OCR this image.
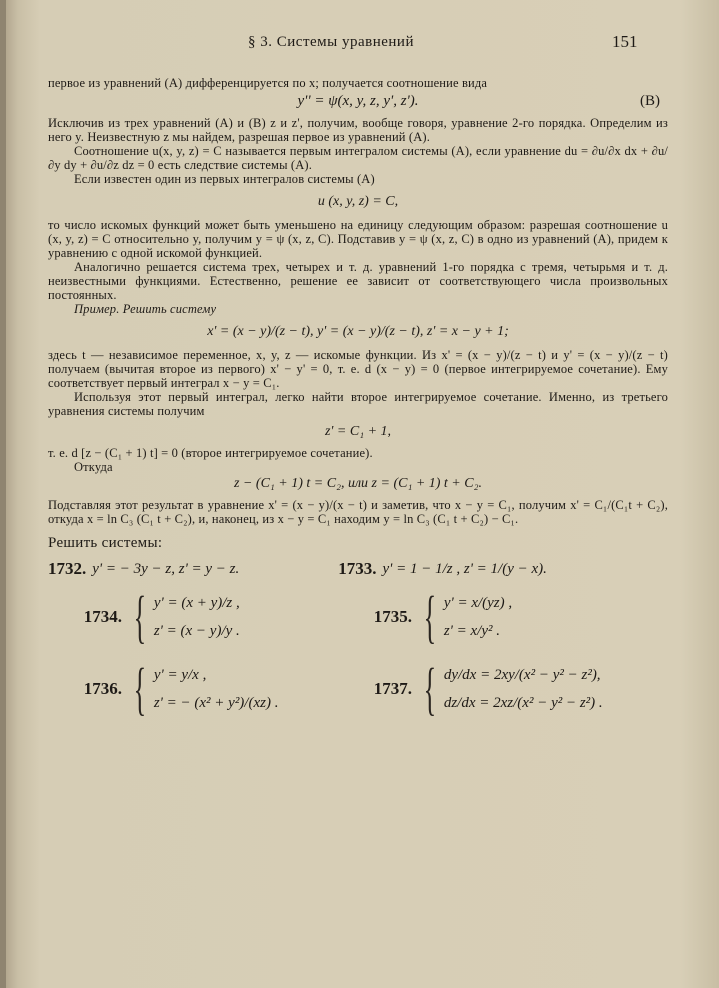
§ 3. Системы уравнений	151

первое из уравнений (A) дифференцируется по x; получается соотношение вида

y'' = ψ(x, y, z, y', z').	(B)

Исключив из трех уравнений (A) и (B) z и z', получим, вообще говоря, уравнение 2-го порядка. Определим из него y. Неизвестную z мы найдем, разрешая первое из уравнений (A).

Соотношение u(x, y, z) = C называется первым интегралом системы (A), если уравнение du = ∂u/∂x dx + ∂u/∂y dy + ∂u/∂z dz = 0 есть следствие системы (A).

Если известен один из первых интегралов системы (A)

u (x, y, z) = C,

то число искомых функций может быть уменьшено на единицу следующим образом: разрешая соотношение u (x, y, z) = C относительно y, получим y = ψ (x, z, C). Подставив y = ψ (x, z, C) в одно из уравнений (A), придем к уравнению с одной искомой функцией.

Аналогично решается система трех, четырех и т. д. уравнений 1-го порядка с тремя, четырьмя и т. д. неизвестными функциями. Естественно, решение ее зависит от соответствующего числа произвольных постоянных.

Пример. Решить систему

x' = (x − y)/(z − t), y' = (x − y)/(z − t), z' = x − y + 1;

здесь t — независимое переменное, x, y, z — искомые функции. Из x' = (x − y)/(z − t) и y' = (x − y)/(z − t) получаем (вычитая второе из первого) x' − y' = 0, т. е. d (x − y) = 0 (первое интегрируемое сочетание). Ему соответствует первый интеграл x − y = C₁.

Используя этот первый интеграл, легко найти второе интегрируемое сочетание. Именно, из третьего уравнения системы получим

z' = C₁ + 1,

т. е. d [z − (C₁ + 1) t] = 0 (второе интегрируемое сочетание).

Откуда

z − (C₁ + 1) t = C₂, или z = (C₁ + 1) t + C₂.

Подставляя этот результат в уравнение x' = (x − y)/(x − t) и заметив, что x − y = C₁, получим x' = C₁/(C₁t + C₂), откуда x = ln C₃ (C₁ t + C₂), и, наконец, из x − y = C₁ находим y = ln C₃ (C₁ t + C₂) − C₁.

Решить системы:
1732. y' = − 3y − z, z' = y − z.	1733. y' = 1 − 1/z , z' = 1/(y − x).
1734. { y' = (x + y)/z ,
z' = (x − y)/y .
1735. { y' = x/(yz) ,
z' = x/y² .
1736. { y' = y/x ,
z' = − (x² + y²)/(xz) .
1737. { dy/dx = 2xy/(x² − y² − z²),
dz/dx = 2xz/(x² − y² − z²) .
